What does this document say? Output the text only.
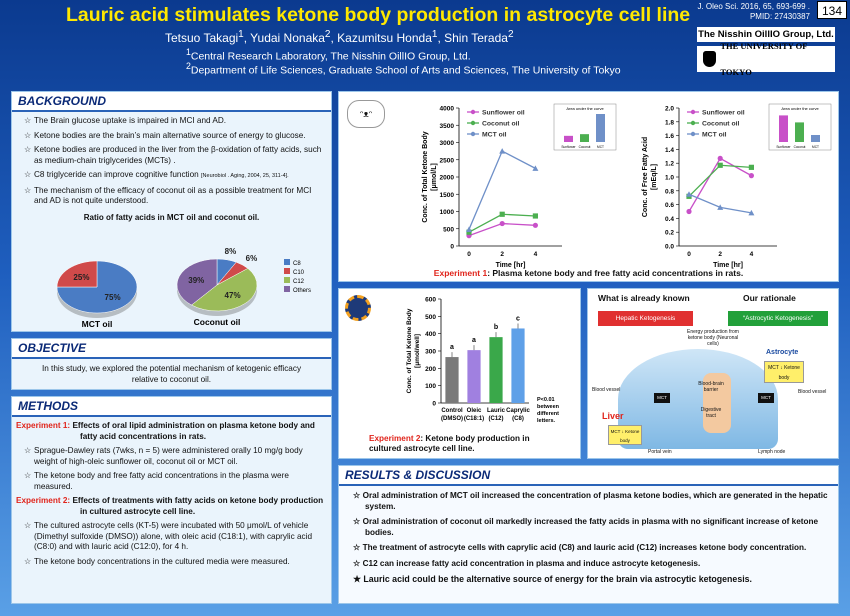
Lauric acid stimulates ketone body production in astrocyte cell line
Tetsuo Takagi$^1$, Yudai Nonaka$^2$, Kazumitsu Honda$^1$, Shin Terada$^2$
$^1$Central Research Laboratory, The Nisshin OillIO Group, Ltd.
$^2$Department of Life Sciences, Graduate School of Arts and Sciences, The University of Tokyo
J. Oleo Sci. 2016, 65, 693-699 .
PMID: 27430387 134
The Nisshin OillIO Group, Ltd.
THE UNIVERSITY OF TOKYO
BACKGROUND
☆ The Brain glucose uptake is impaired in MCI and AD.
☆ Ketone bodies are the brain’s main alternative source of energy to glucose.
☆ Ketone bodies are produced in the liver from the β-oxidation of fatty acids, such as medium-chain triglycerides (MCTs) .
☆ C8 triglyceride can improve cognitive function [Neurobiol . Aging, 2004, 25, 311-4].
☆ The mechanism of the efficacy of coconut oil as a possible treatment for MCI and AD is not quite understood.
Ratio of fatty acids in MCT oil and coconut oil.
75%
25%
MCT oil
8%
6%
47%
39%
Coconut oil
C8
C10
C12
Others
OBJECTIVE
In this study, we explored the potential mechanism of ketogenic efficacy relative to coconut oil.
METHODS
Experiment 1: Effects of oral lipid administration on plasma ketone body and fatty acid concentrations in rats.
☆ Sprague-Dawley rats (7wks, n = 5) were administered orally 10 mg/g body weight of high-oleic sunflower oil, coconut oil or MCT oil.
☆ The ketone body and free fatty acid concentrations in the plasma were measured.
Experiment 2: Effects of treatments with fatty acids on ketone body production in cultured astrocyte cell line.
☆ The cultured astrocyte cells (KT-5) were incubated with 50 μmol/L of vehicle (Dimethyl sulfoxide (DMSO)) alone, with oleic acid (C18:1), with caprylic acid (C8:0) and with lauric acid (C12:0), for 4 h.
☆ The ketone body concentrations in the cultured media were measured.
ᵔᴥᵔ
0
500
1000
1500
2000
2500
3000
3500
4000
0	2	4
Time [hr]
Conc. of Total Ketone Body [μmol/L]
Sunflower oil
Coconut oil
MCT oil
Area under the curve
Sunflower Coconut MCT
0.0
0.2
0.4
0.6
0.8
1.0
1.2
1.4
1.6
1.8
2.0
0	2	4
Time [hr]
Conc. of Free Fatty Acid [mEq/L]
Sunflower oil
Coconut oil
MCT oil
Area under the curve
Sunflower Coconut MCT
Experiment 1: Plasma ketone body and free fatty acid concentrations in rats.
0
100
200
300
400
500
600
Conc. of Total Ketone Body[μmol/well]	a
Control
(DMSO)
a
Oleic
(C18:1)
b
Lauric
(C12)
c
Caprylic
(C8)
P<0.01 between different letters.
Experiment 2: Ketone body production in cultured astrocyte cell line.
What is already known	Our rationale
Hepatic Ketogenesis	“Astrocytic Ketogenesis”
Energy production from ketone body (Neuronal cells)
Astrocyte
MCT ↓ Ketone body
Blood vessel	Blood vessel
Blood-brain barrier
Digestive tract
MCT	MCT
Liver
MCT ↓ Ketone body
Portal vein	Lymph node
RESULTS & DISCUSSION
☆ Oral administration of MCT oil increased the concentration of plasma ketone bodies, which are generated in the hepatic system.
☆ Oral administration of coconut oil markedly increased the fatty acids in plasma with no significant increase of ketone bodies.
☆ The treatment of astrocyte cells with caprylic acid (C8) and lauric acid (C12) increases ketone body concentration.
☆ C12 can increase fatty acid concentration in plasma and induce astrocyte ketogenesis.
★ Lauric acid could be the alternative source of energy for the brain via astrocytic ketogenesis.
